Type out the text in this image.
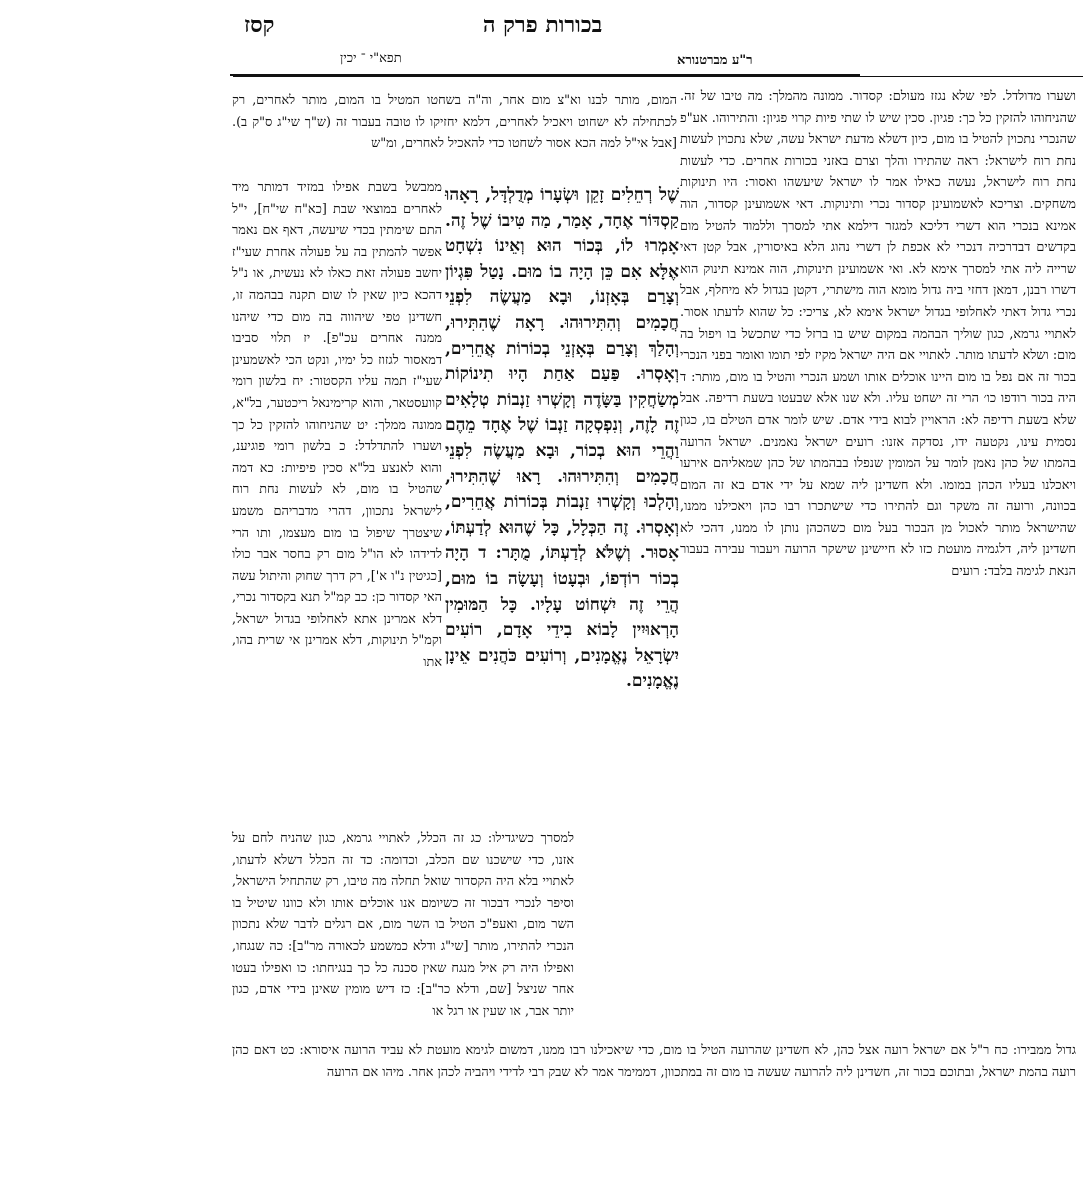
קסז	בכורות פרק ה
ר"ע מברטנורא
תפא"י ־ יכין

ושערו מדולדל. לפי שלא נגזז מעולם: קסדור. ממונה מהמלך: מה טיבו של זה. שהניחוהו להזקין כל כך: פגיון. סכין שיש לו שתי פיות קרוי פגיון: והתירוהו. אע"פ שהנכרי נתכוין להטיל בו מום, כיון דשלא מדעת ישראל עשה, שלא נתכוין לעשות נחת רוח לישראל: ראה שהתירו והלך וצרם באזני בכורות אחרים. כדי לעשות נחת רוח לישראל, נעשה כאילו אמר לו ישראל שיעשהו ואסור: היו תינוקות משחקים. וצריכא לאשמועינן קסדור נכרי ותינוקות. דאי אשמועינן קסדור, הוה אמינא בנכרי הוא דשרי דליכא למגזר דילמא אתי למסרך וללמוד להטיל מום בקדשים דבדרכיה דנכרי לא אכפת לן דשרי נהוג הלא באיסורין, אבל קטן דאי שרייה ליה אתי למסרך אימא לא. ואי אשמועינן תינוקות, הוה אמינא תינוק הוא דשרו רבנן, דמאן דחזי ביה גדול מומא הוה מישתרי, דקטן בגדול לא מיחלף, אבל נכרי גדול דאתי לאחלופי בגדול ישראל אימא לא, צריכי: כל שהוא לדעתו אסור. לאתויי גרמא, כגון שוליך הבהמה במקום שיש בו ברזל כדי שתכשל בו ויפול בה מום: ושלא לדעתו מותר. לאתויי אם היה ישראל מקיז לפי תומו ואומר בפני הנכרי בכור זה אם נפל בו מום היינו אוכלים אותו ושמע הנכרי והטיל בו מום, מותר: ד היה בכור רודפו כו׳ הרי זה ישחט עליו. ולא שנו אלא שבעטו בשעת רדיפה. אבל שלא בשעת רדיפה לא: הראויין לבוא בידי אדם. שיש לומר אדם הטילם בו, כגון נסמית עינו, נקטעה ידו, נסדקה אזנו: רועים ישראל נאמנים. ישראל הרועה בהמתו של כהן נאמן לומר על המומין שנפלו בבהמתו של כהן שמאליהם אירעו ויאכלנו בעליו הכהן במומו. ולא חשדינן ליה שמא על ידי אדם בא זה המום בכוונה, ורועה זה משקר וגם להתירו כדי שישתכרו רבו כהן ויאכילנו ממנו, שהישראל מותר לאכול מן הבכור בעל מום כשהכהן נותן לו ממנו, דהכי לא חשדינן ליה, דלגמיה מועטת כזו לא חיישינן שישקר הרועה ויעבור עבירה בעבור הנאת לגימה בלבד: רועים

המום, מותר לבנו וא"צ מום אחר, וה"ה בשחטו המטיל בו המום, מותר לאחרים, רק לכתחילה לא ישחוט ויאכיל לאחרים, דלמא יחזיקו לו טובה בעבור זה (ש"ך שי"ג ס"ק ב). [אבל אי"ל למה הכא אסור לשחטו כדי להאכיל לאחרים, ומ"ש

שֶׁל רְחֵלִים זָקֵן וּשְׂעָרוֹ מְדֻלְדָּל, רָאָהוּ קַסְדּוֹר אֶחָד, אָמַר, מַה טִּיבוֹ שֶׁל זֶה. אָמְרוּ לוֹ, בְּכוֹר הוּא וְאֵינוֹ נִשְׁחָט אֶלָּא אִם כֵּן הָיָה בוֹ מוּם. נָטַל פִּגְיוֹן וְצָרַם בְּאָזְנוֹ, וּבָא מַעֲשֶׂה לִפְנֵי חֲכָמִים וְהִתִּירוּהוּ. רָאָה שֶׁהִתִּירוּ, וְהָלַךְ וְצָרַם בְּאָזְנֵי בְכוֹרוֹת אֲחֵרִים, וְאָסְרוּ. פַּעַם אַחַת הָיוּ תִינוֹקוֹת מְשַׂחֲקִין בַּשָּׂדֶה וְקָשְׁרוּ זַנְבוֹת טְלָאִים זֶה לָזֶה, וְנִפְסְקָה זַנְבוֹ שֶׁל אֶחָד מֵהֶם וַהֲרֵי הוּא בְכוֹר, וּבָא מַעֲשֶׂה לִפְנֵי חֲכָמִים וְהִתִּירוּהוּ. רָאוּ שֶׁהִתִּירוּ, וְהָלְכוּ וְקָשְׁרוּ זַנְבוֹת בְּכוֹרוֹת אֲחֵרִים, וְאָסְרוּ. זֶה הַכְּלָל, כָּל שֶׁהוּא לְדַעְתּוֹ, אָסוּר. וְשֶׁלֹּא לְדַעְתּוֹ, מֻתָּר: ד הָיָה בְכוֹר רוֹדְפוֹ, וּבְעָטוֹ וְעָשָׂה בוֹ מוּם, הֲרֵי זֶה יִשְׁחוֹט עָלָיו. כָּל הַמּוּמִין הָרְאוּיִין לָבוֹא בִידֵי אָדָם, רוֹעִים יִשְׂרָאֵל נֶאֱמָנִים, וְרוֹעִים כֹּהֲנִים אֵינָן נֶאֱמָנִים.

ממבשל בשבת אפילו במזיד דמותר מיד לאחרים במוצאי שבת [כא"ח שי"ח], י"ל התם שימתין בכדי שיעשה, דאף אם נאמר אפשר להמתין בה על פעולה אחרת שעי"ז יחשב פעולה זאת כאלו לא נעשית, או נ"ל דהכא כיון שאין לו שום תקנה בבהמה זו, חשדינן טפי שיהווה בה מום כדי שיהנו ממנה אחרים עכ"פ]. יז תלוי סביבו דמאסור לגזוז כל ימיו, ונקט הכי לאשמעינן שעי"ז תמה עליו הקסטור: יח בלשון רומי קוועסטאר, והוא קרימינאל ריכטער, בל"א, ממונה ממלך: יט שהניחוהו להזקין כל כך ושערו להתדלדל: כ בלשון רומי פוגיענ, והוא לאנצע בל"א סכין פיפיות: כא דמה שהטיל בו מום, לא לעשות נחת רוח לישראל נתכוון, דהרי מדבריהם משמע שיצטרך שיפול בו מום מעצמו, ותו הרי לדידהו לא הו"ל מום רק בחסר אבר כולו [כגיטין נ"ו א'], רק דרך שחוק והיתול עשה האי קסדור כן: כב קמ"ל תנא בקסדור נכרי, דלא אמרינן אתא לאחלופי בגדול ישראל, וקמ"ל תינוקות, דלא אמרינן אי שרית בהו, אתו

למסרך כשיגדילו: כג זה הכלל, לאתויי גרמא, כגון שהניח לחם על אזנו, כדי שישכנו שם הכלב, וכדומה: כד זה הכלל דשלא לדעתו, לאתויי בלא היה הקסדור שואל תחלה מה טיבו, רק שהתחיל הישראל, וסיפר לנכרי דבכור זה כשיומם אנו אוכלים אותו ולא כוונו שיטיל בו השר מום, ואעפ"כ הטיל בו השר מום, אם רגלים לדבר שלא נתכוון הנכרי להתירו, מותר [שי"ג ודלא כמשמע לכאורה מר"ב]: כה שנגחו, ואפילו היה רק איל מנגח שאין סכנה כל כך בנגיחתו: כו ואפילו בעטו אחר שניצל [שם, ודלא כר"ב]: כז דיש מומין שאינן בידי אדם, כגון יותר אבר, או שעין או רגל או

גדול ממבירו: כח ר"ל אם ישראל רועה אצל כהן, לא חשדינן שהרועה הטיל בו מום, כדי שיאכילנו רבו ממנו, דמשום לגימא מועטת לא עביד הרועה איסורא: כט דאם כהן רועה בהמת ישראל, ובתוכם בכור זה, חשדינן ליה להרועה שעשה בו מום זה במתכוון, דממימר אמר לא שבק רבי לדידי ויהביה לכהן אחר. מיהו אם הרועה
